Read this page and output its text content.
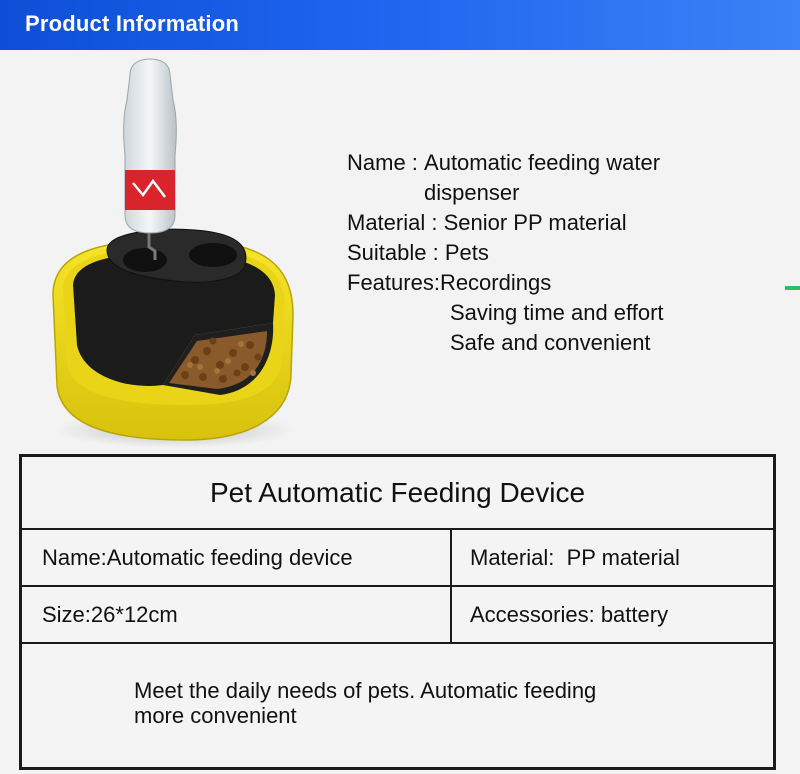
Product Information
Name : Automatic feeding water
dispenser
Material : Senior PP material
Suitable : Pets
Features: Recordings
Saving time and effort
Safe and convenient
Pet Automatic Feeding Device
Name:Automatic feeding device	Material:  PP material
Size:26*12cm	Accessories: battery
Meet the daily needs of pets. Automatic feeding
more convenient
